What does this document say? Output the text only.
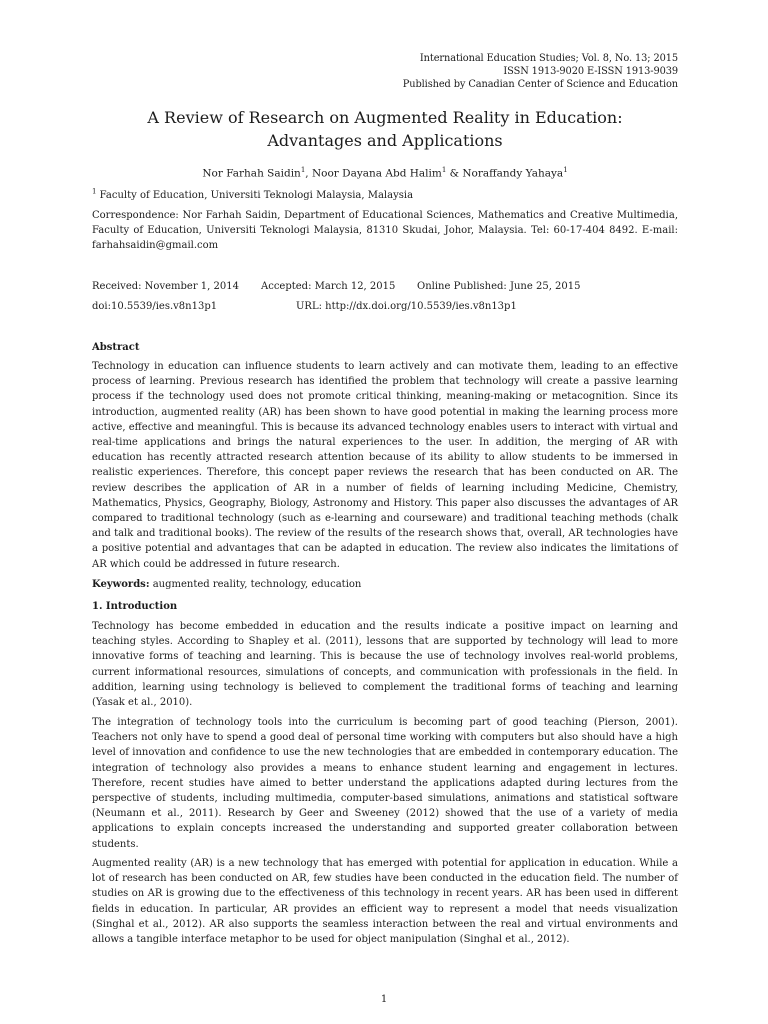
International Education Studies; Vol. 8, No. 13; 2015
ISSN 1913-9020 E-ISSN 1913-9039
Published by Canadian Center of Science and Education
A Review of Research on Augmented Reality in Education:
Advantages and Applications
Nor Farhah Saidin$^1$, Noor Dayana Abd Halim$^1$ & Noraffandy Yahaya$^1$
$^1$ Faculty of Education, Universiti Teknologi Malaysia, Malaysia
Correspondence: Nor Farhah Saidin, Department of Educational Sciences, Mathematics and Creative Multimedia, Faculty of Education, Universiti Teknologi Malaysia, 81310 Skudai, Johor, Malaysia. Tel: 60-17-404 8492. E-mail: farhahsaidin@gmail.com
Received: November 1, 2014 Accepted: March 12, 2015 Online Published: June 25, 2015
doi:10.5539/ies.v8n13p1	URL: http://dx.doi.org/10.5539/ies.v8n13p1
Abstract
Technology in education can influence students to learn actively and can motivate them, leading to an effective process of learning. Previous research has identified the problem that technology will create a passive learning process if the technology used does not promote critical thinking, meaning-making or metacognition. Since its introduction, augmented reality (AR) has been shown to have good potential in making the learning process more active, effective and meaningful. This is because its advanced technology enables users to interact with virtual and real-time applications and brings the natural experiences to the user. In addition, the merging of AR with education has recently attracted research attention because of its ability to allow students to be immersed in realistic experiences. Therefore, this concept paper reviews the research that has been conducted on AR. The review describes the application of AR in a number of fields of learning including Medicine, Chemistry, Mathematics, Physics, Geography, Biology, Astronomy and History. This paper also discusses the advantages of AR compared to traditional technology (such as e-learning and courseware) and traditional teaching methods (chalk and talk and traditional books). The review of the results of the research shows that, overall, AR technologies have a positive potential and advantages that can be adapted in education. The review also indicates the limitations of AR which could be addressed in future research.
Keywords: augmented reality, technology, education
1. Introduction
Technology has become embedded in education and the results indicate a positive impact on learning and teaching styles. According to Shapley et al. (2011), lessons that are supported by technology will lead to more innovative forms of teaching and learning. This is because the use of technology involves real-world problems, current informational resources, simulations of concepts, and communication with professionals in the field. In addition, learning using technology is believed to complement the traditional forms of teaching and learning (Yasak et al., 2010).
The integration of technology tools into the curriculum is becoming part of good teaching (Pierson, 2001). Teachers not only have to spend a good deal of personal time working with computers but also should have a high level of innovation and confidence to use the new technologies that are embedded in contemporary education. The integration of technology also provides a means to enhance student learning and engagement in lectures. Therefore, recent studies have aimed to better understand the applications adapted during lectures from the perspective of students, including multimedia, computer-based simulations, animations and statistical software (Neumann et al., 2011). Research by Geer and Sweeney (2012) showed that the use of a variety of media applications to explain concepts increased the understanding and supported greater collaboration between students.
Augmented reality (AR) is a new technology that has emerged with potential for application in education. While a lot of research has been conducted on AR, few studies have been conducted in the education field. The number of studies on AR is growing due to the effectiveness of this technology in recent years. AR has been used in different fields in education. In particular, AR provides an efficient way to represent a model that needs visualization (Singhal et al., 2012). AR also supports the seamless interaction between the real and virtual environments and allows a tangible interface metaphor to be used for object manipulation (Singhal et al., 2012).
1
